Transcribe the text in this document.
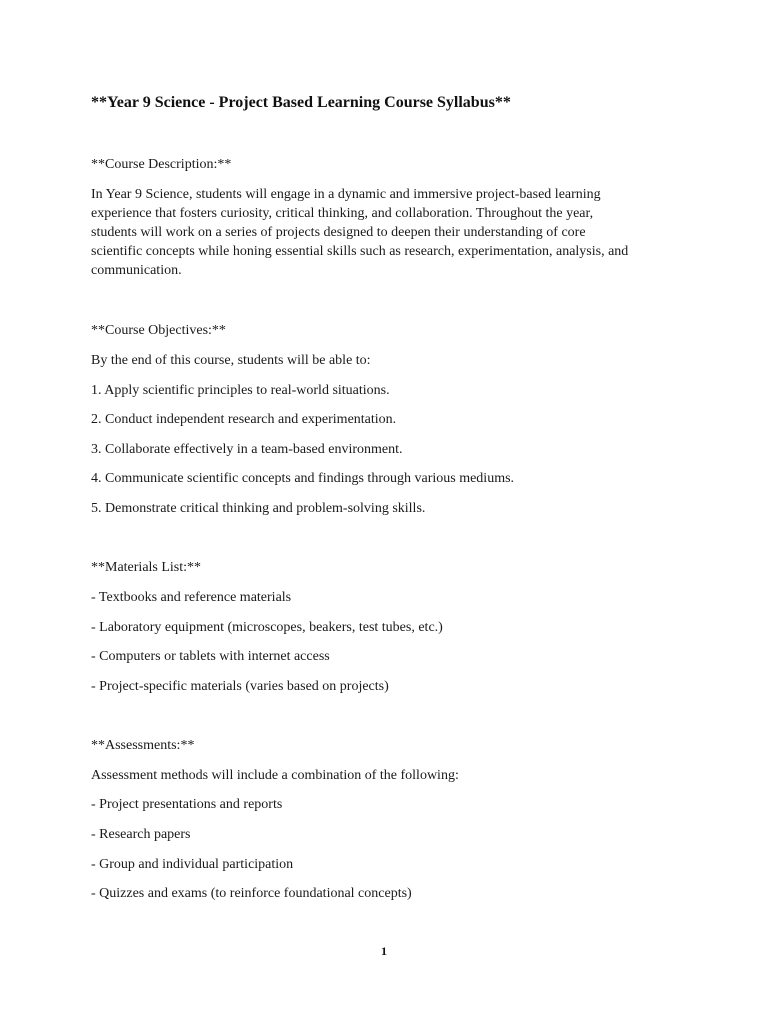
**Year 9 Science - Project Based Learning Course Syllabus**

**Course Description:**

In Year 9 Science, students will engage in a dynamic and immersive project-based learning
experience that fosters curiosity, critical thinking, and collaboration. Throughout the year,
students will work on a series of projects designed to deepen their understanding of core
scientific concepts while honing essential skills such as research, experimentation, analysis, and
communication.

**Course Objectives:**

By the end of this course, students will be able to:

1. Apply scientific principles to real-world situations.

2. Conduct independent research and experimentation.

3. Collaborate effectively in a team-based environment.

4. Communicate scientific concepts and findings through various mediums.

5. Demonstrate critical thinking and problem-solving skills.

**Materials List:**

- Textbooks and reference materials

- Laboratory equipment (microscopes, beakers, test tubes, etc.)

- Computers or tablets with internet access

- Project-specific materials (varies based on projects)

**Assessments:**

Assessment methods will include a combination of the following:

- Project presentations and reports

- Research papers

- Group and individual participation

- Quizzes and exams (to reinforce foundational concepts)

1
